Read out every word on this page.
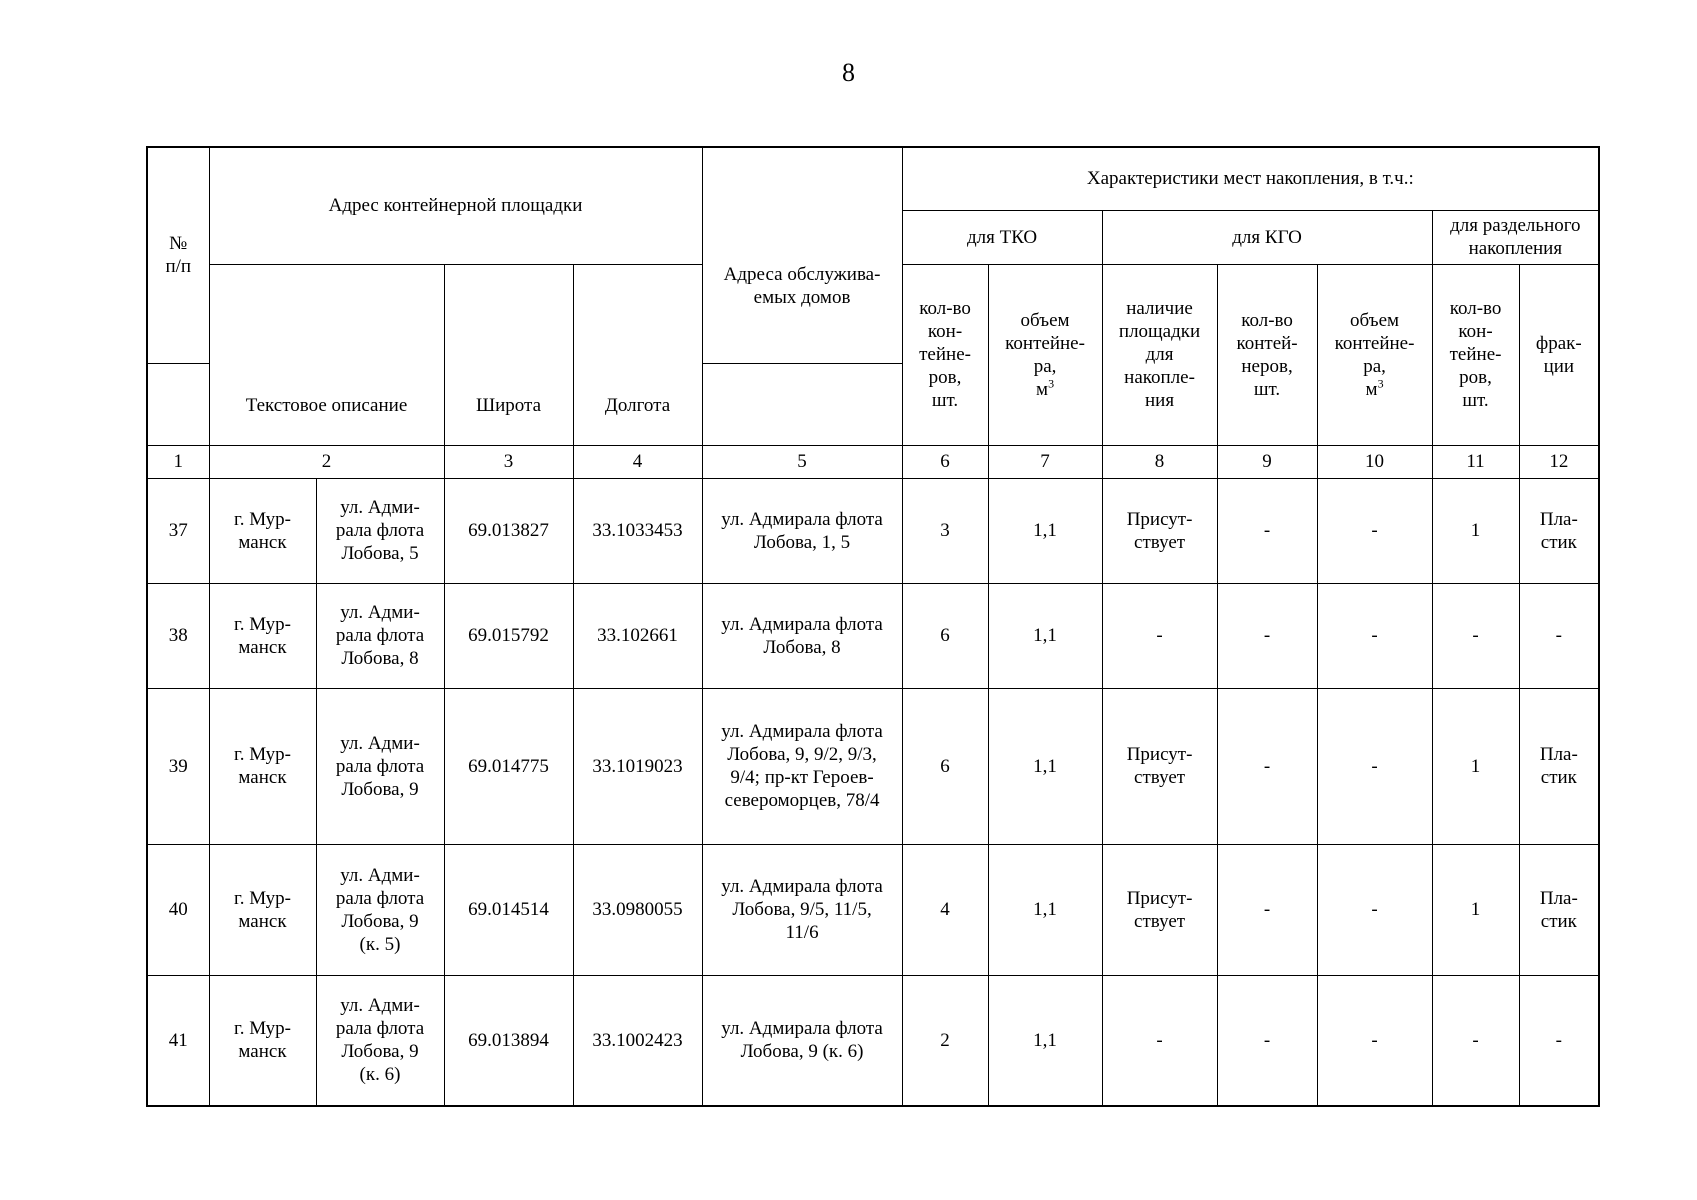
8
№
п/п	Адрес контейнерной площадки				Адреса обслужива-
емых домов	Характеристики мест накопления, в т.ч.:						
						для ТКО		для КГО			для раздельного
накопления	
	Текстовое описание		Широта	Долгота		кол-во
кон-
тейне-
ров,
шт.	объем
контейне-
ра,
$м^3$	наличие
площадки
для
накопле-
ния	кол-во
контей-
неров,
шт.	объем
контейне-
ра,
$м^3$	кол-во
кон-
тейне-
ров,
шт.	фрак-
ции

1	2		3	4	5	6	7	8	9	10	11	12
37	г. Мур-
манск	ул. Адми-
рала флота
Лобова, 5	69.013827	33.1033453	ул. Адмирала флота
Лобова, 1, 5	3	1,1	Присут-
ствует	-	-	1	Пла-
стик
38	г. Мур-
манск	ул. Адми-
рала флота
Лобова, 8	69.015792	33.102661	ул. Адмирала флота
Лобова, 8	6	1,1	-	-	-	-	-
39	г. Мур-
манск	ул. Адми-
рала флота
Лобова, 9	69.014775	33.1019023	ул. Адмирала флота
Лобова, 9, 9/2, 9/3,
9/4; пр-кт Героев-
североморцев, 78/4	6	1,1	Присут-
ствует	-	-	1	Пла-
стик
40	г. Мур-
манск	ул. Адми-
рала флота
Лобова, 9
(к. 5)	69.014514	33.0980055	ул. Адмирала флота
Лобова, 9/5, 11/5,
11/6	4	1,1	Присут-
ствует	-	-	1	Пла-
стик
41	г. Мур-
манск	ул. Адми-
рала флота
Лобова, 9
(к. 6)	69.013894	33.1002423	ул. Адмирала флота
Лобова, 9 (к. 6)	2	1,1	-	-	-	-	-
